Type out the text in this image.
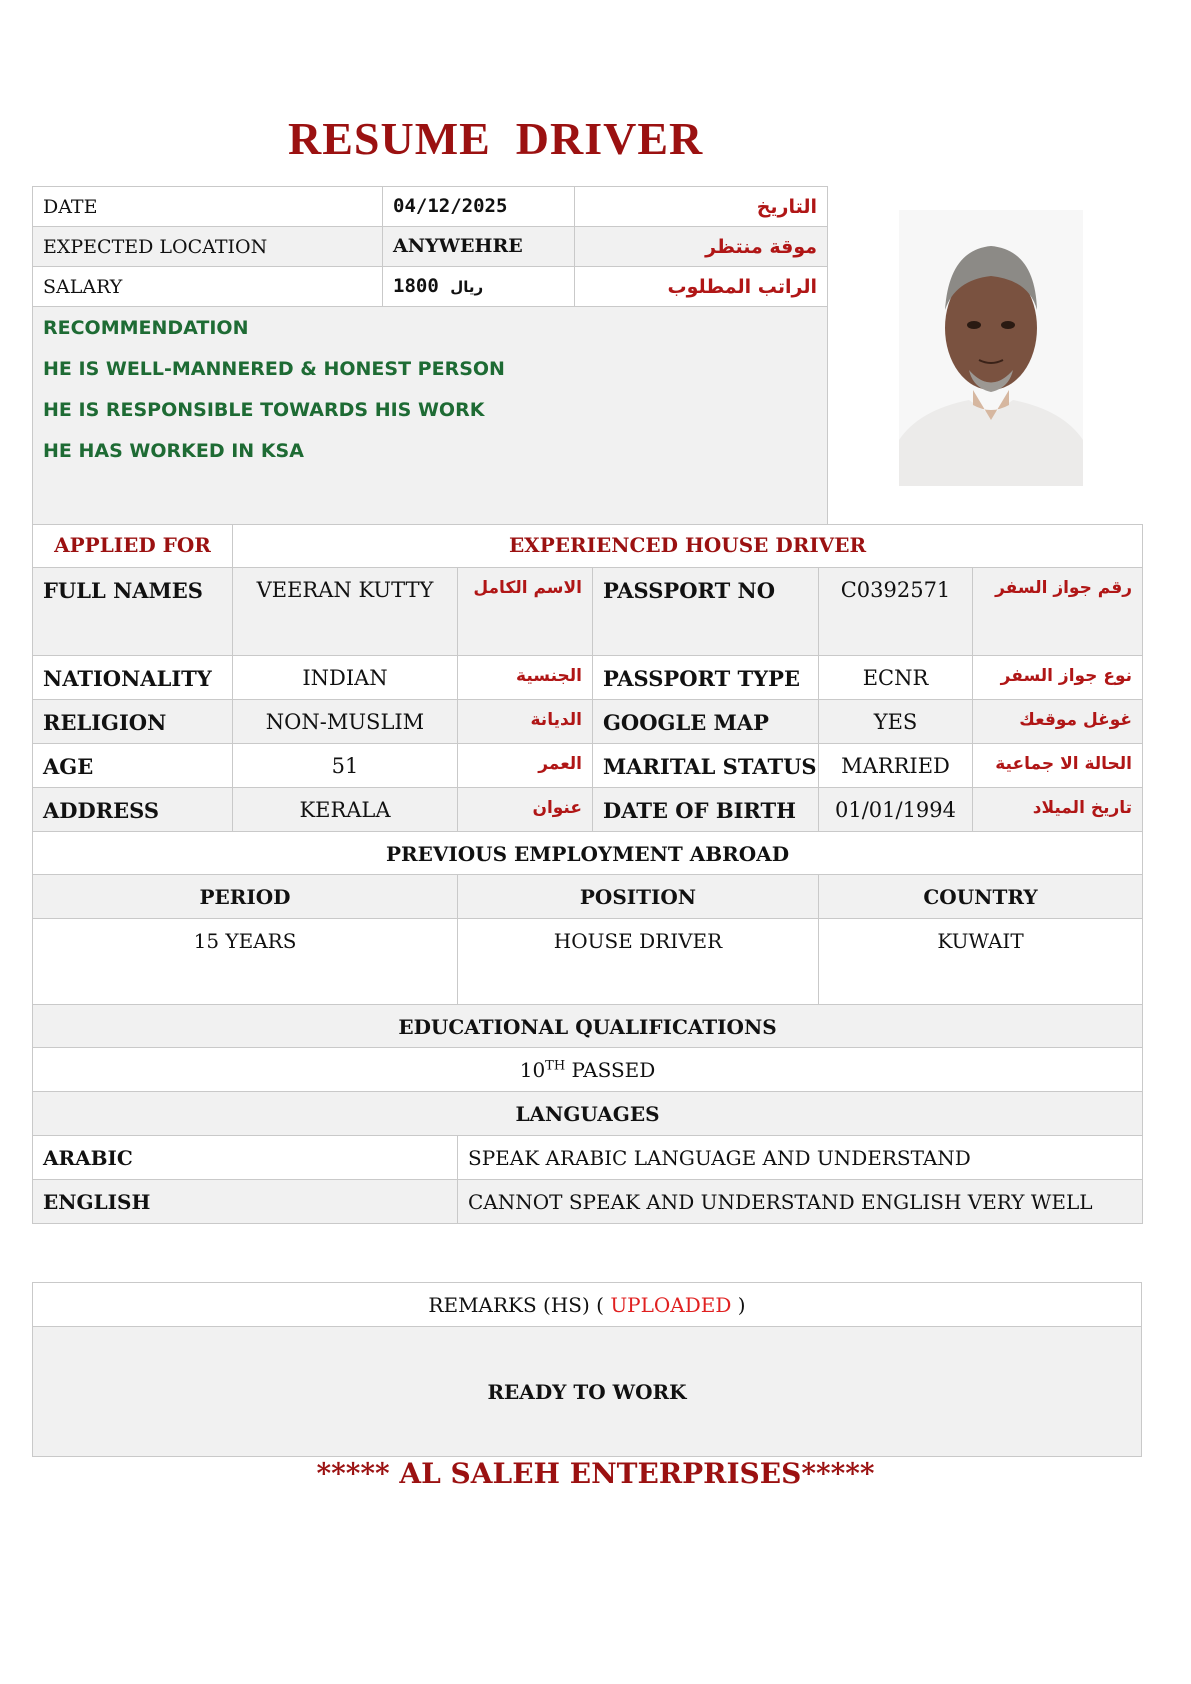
RESUME  DRIVER
DATE	04/12/2025	التاريخ
EXPECTED LOCATION	ANYWEHRE	موقة منتظر
SALARY	ريال 1800	الراتب المطلوب

RECOMMENDATION
HE IS WELL-MANNERED & HONEST PERSON
HE IS RESPONSIBLE TOWARDS HIS WORK
HE HAS WORKED IN KSA		
APPLIED FOR	EXPERIENCED HOUSE DRIVER				
FULL NAMES	VEERAN KUTTY	الاسم الكامل	PASSPORT NO	C0392571	رقم جواز السفر
NATIONALITY	INDIAN	الجنسية	PASSPORT TYPE	ECNR	نوع جواز السفر
RELIGION	NON-MUSLIM	الديانة	GOOGLE MAP	YES	غوغل موقعك
AGE	51	العمر	MARITAL STATUS	MARRIED	الحالة الا جماعية
ADDRESS	KERALA	عنوان	DATE OF BIRTH	01/01/1994	تاريخ الميلاد
PREVIOUS EMPLOYMENT ABROAD					
PERIOD		POSITION		COUNTRY	
15 YEARS		HOUSE DRIVER		KUWAIT	
EDUCATIONAL QUALIFICATIONS					
10TH PASSED					
LANGUAGES					
ARABIC		SPEAK ARABIC LANGUAGE AND UNDERSTAND			
ENGLISH		CANNOT SPEAK AND UNDERSTAND ENGLISH VERY WELL			
REMARKS (HS) ( UPLOADED )
READY TO WORK

***** AL SALEH ENTERPRISES*****
